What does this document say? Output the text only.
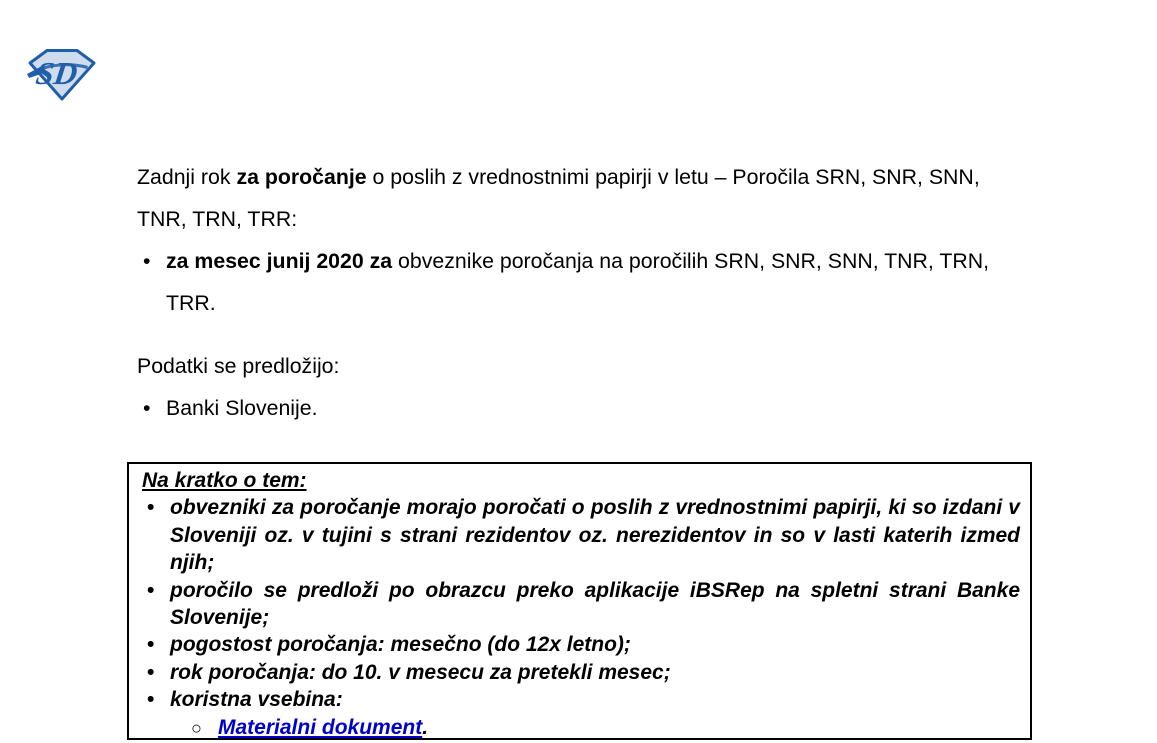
SD
Zadnji rok za poročanje o poslih z vrednostnimi papirji v letu – Poročila SRN, SNR, SNN, TNR, TRN, TRR:
• za mesec junij 2020 za obveznike poročanja na poročilih SRN, SNR, SNN, TNR, TRN, TRR.
Podatki se predložijo:
• Banki Slovenije.
Na kratko o tem:
• obvezniki za poročanje morajo poročati o poslih z vrednostnimi papirji, ki so izdani v Sloveniji oz. v tujini s strani rezidentov oz. nerezidentov in so v lasti katerih izmed njih;
• poročilo se predloži po obrazcu preko aplikacije iBSRep na spletni strani Banke Slovenije;
• pogostost poročanja: mesečno (do 12x letno);
• rok poročanja: do 10. v mesecu za pretekli mesec;
• koristna vsebina:
○ Materialni dokument.
